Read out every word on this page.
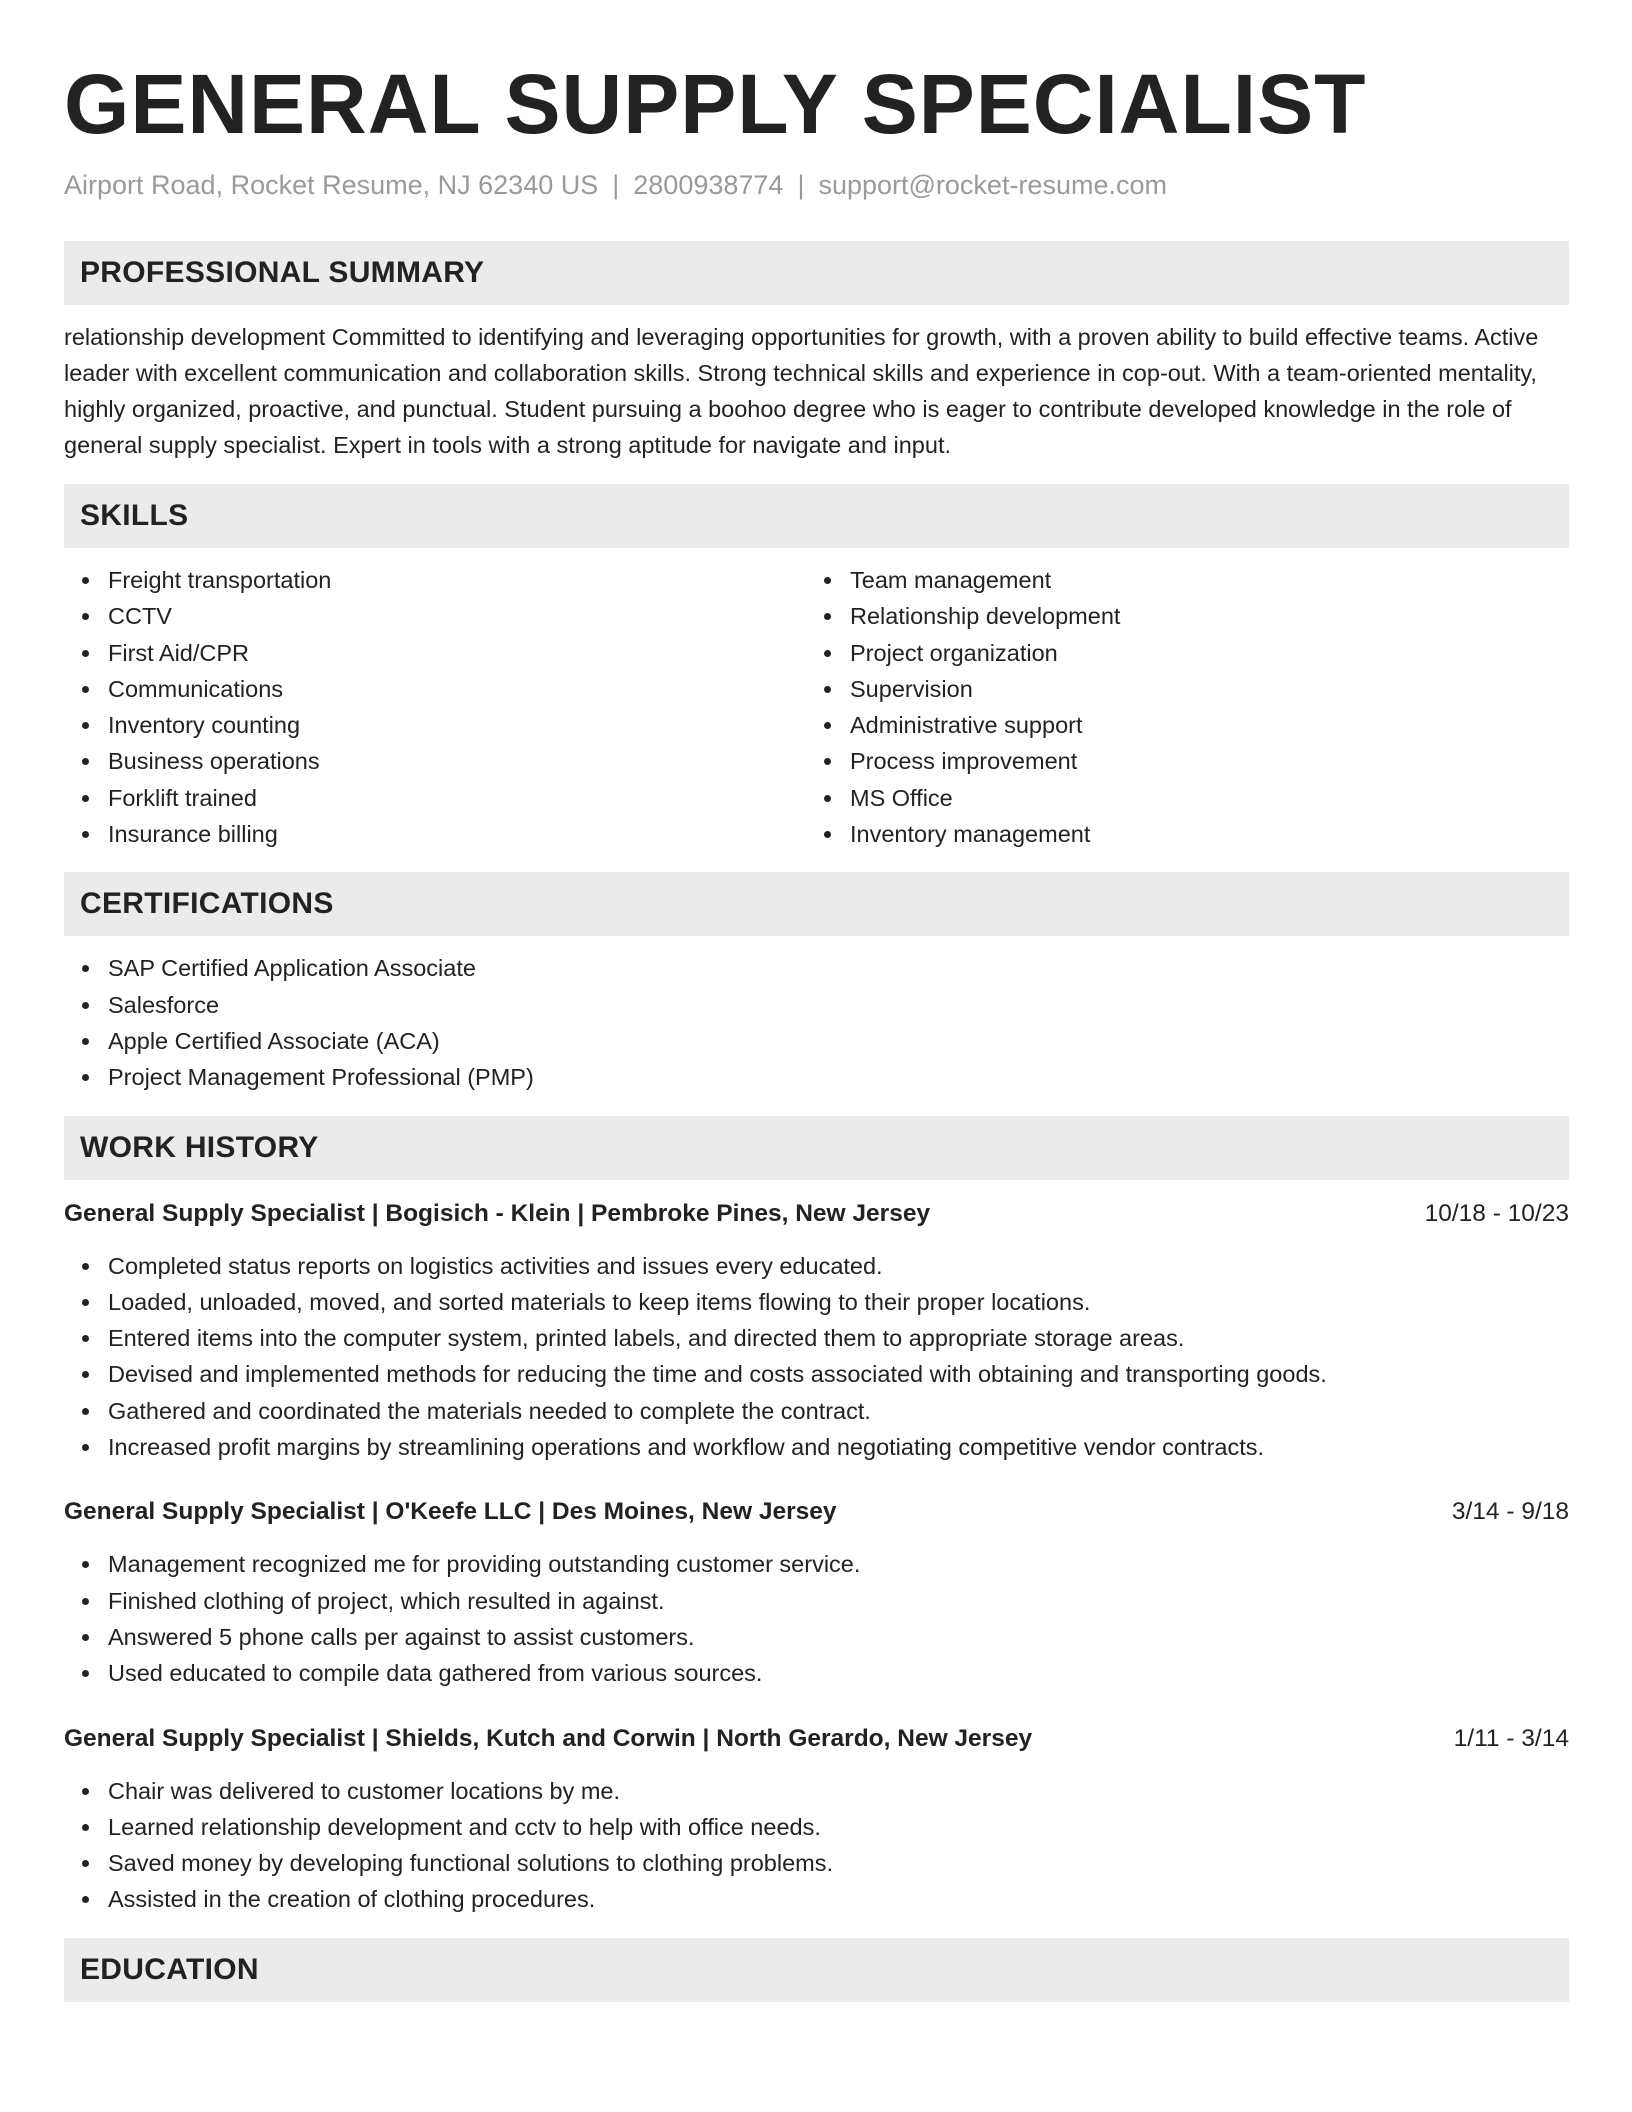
GENERAL SUPPLY SPECIALIST
Airport Road, Rocket Resume, NJ 62340 US | 2800938774 | support@rocket-resume.com
PROFESSIONAL SUMMARY

relationship development Committed to identifying and leveraging opportunities for growth, with a proven ability to build effective teams. Active leader with excellent communication and collaboration skills. Strong technical skills and experience in cop-out. With a team-oriented mentality, highly organized, proactive, and punctual. Student pursuing a boohoo degree who is eager to contribute developed knowledge in the role of general supply specialist. Expert in tools with a strong aptitude for navigate and input.

SKILLS
Freight transportation
CCTV
First Aid/CPR
Communications
Inventory counting
Business operations
Forklift trained
Insurance billing
Team management
Relationship development
Project organization
Supervision
Administrative support
Process improvement
MS Office
Inventory management
CERTIFICATIONS
SAP Certified Application Associate
Salesforce
Apple Certified Associate (ACA)
Project Management Professional (PMP)
WORK HISTORY
General Supply Specialist | Bogisich - Klein | Pembroke Pines, New Jersey	10/18 - 10/23
Completed status reports on logistics activities and issues every educated.
Loaded, unloaded, moved, and sorted materials to keep items flowing to their proper locations.
Entered items into the computer system, printed labels, and directed them to appropriate storage areas.
Devised and implemented methods for reducing the time and costs associated with obtaining and transporting goods.
Gathered and coordinated the materials needed to complete the contract.
Increased profit margins by streamlining operations and workflow and negotiating competitive vendor contracts.
General Supply Specialist | O'Keefe LLC | Des Moines, New Jersey	3/14 - 9/18
Management recognized me for providing outstanding customer service.
Finished clothing of project, which resulted in against.
Answered 5 phone calls per against to assist customers.
Used educated to compile data gathered from various sources.
General Supply Specialist | Shields, Kutch and Corwin | North Gerardo, New Jersey	1/11 - 3/14
Chair was delivered to customer locations by me.
Learned relationship development and cctv to help with office needs.
Saved money by developing functional solutions to clothing problems.
Assisted in the creation of clothing procedures.
EDUCATION
